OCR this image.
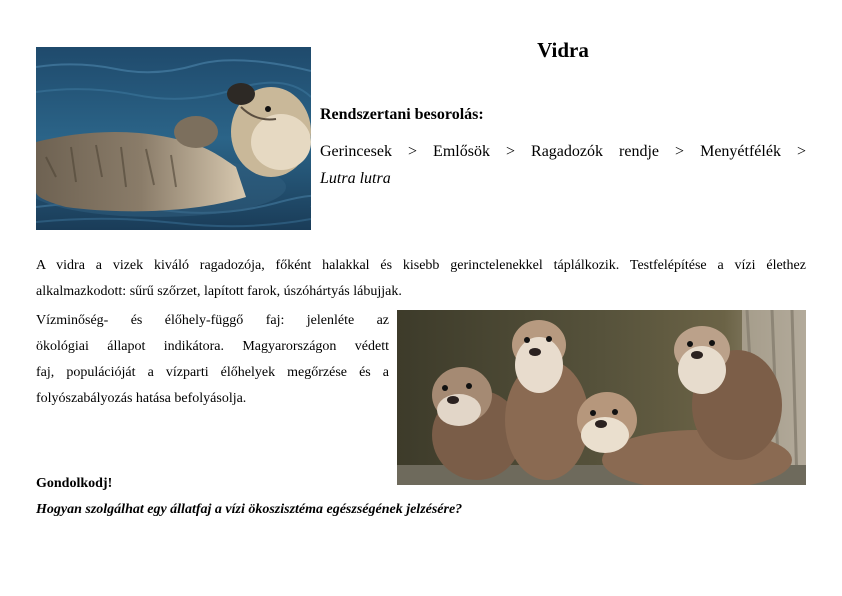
Vidra
Rendszertani besorolás:
Gerincesek > Emlősök > Ragadozók rendje > Menyétfélék >
Lutra lutra
A vidra a vizek kiváló ragadozója, főként halakkal és kisebb gerinctelenekkel táplálkozik. Testfelépítése a vízi élethez
alkalmazkodott: sűrű szőrzet, lapított farok, úszóhártyás lábujjak.
Vízminőség- és élőhely-függő faj: jelenléte az
ökológiai állapot indikátora. Magyarországon védett
faj, populációját a vízparti élőhelyek megőrzése és a
folyószabályozás hatása befolyásolja.
Gondolkodj!
Hogyan szolgálhat egy állatfaj a vízi ökoszisztéma egészségének jelzésére?
